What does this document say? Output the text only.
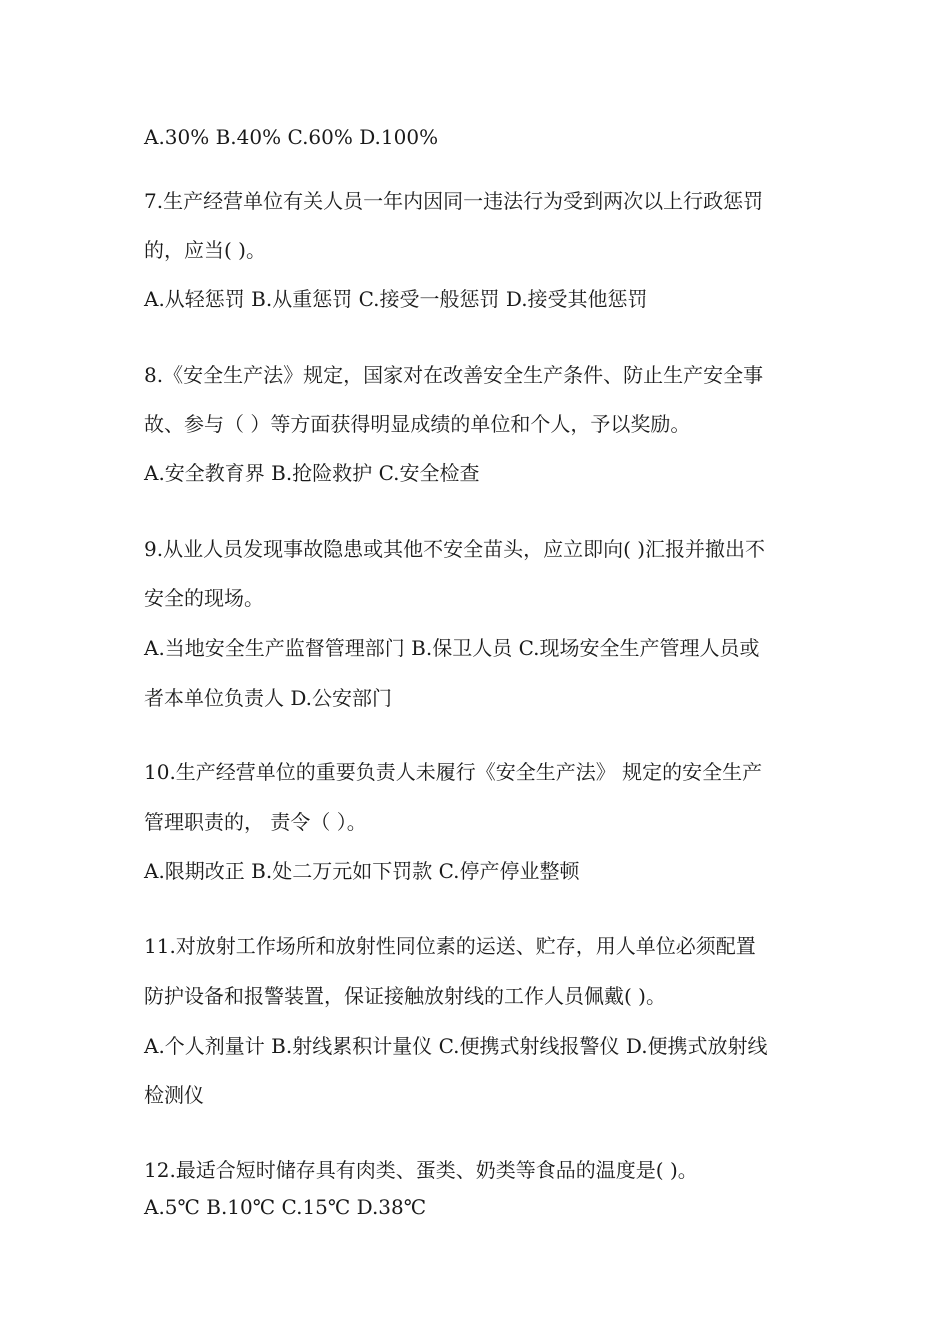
A.30% B.40% C.60% D.100%
7.生产经营单位有关人员一年内因同一违法行为受到两次以上行政惩罚
的，应当( )。
A.从轻惩罚 B.从重惩罚 C.接受一般惩罚 D.接受其他惩罚
8.《安全生产法》规定，国家对在改善安全生产条件、防止生产安全事
故、参与（ ）等方面获得明显成绩的单位和个人，予以奖励。
A.安全教育界 B.抢险救护 C.安全检查
9.从业人员发现事故隐患或其他不安全苗头，应立即向( )汇报并撤出不
安全的现场。
A.当地安全生产监督管理部门 B.保卫人员 C.现场安全生产管理人员或
者本单位负责人 D.公安部门
10.生产经营单位的重要负责人未履行《安全生产法》 规定的安全生产
管理职责的， 责令（ ）。
A.限期改正 B.处二万元如下罚款 C.停产停业整顿
11.对放射工作场所和放射性同位素的运送、贮存，用人单位必须配置
防护设备和报警装置，保证接触放射线的工作人员佩戴( )。
A.个人剂量计 B.射线累积计量仪 C.便携式射线报警仪 D.便携式放射线
检测仪
12.最适合短时储存具有肉类、蛋类、奶类等食品的温度是( )。
A.5℃ B.10℃ C.15℃ D.38℃
